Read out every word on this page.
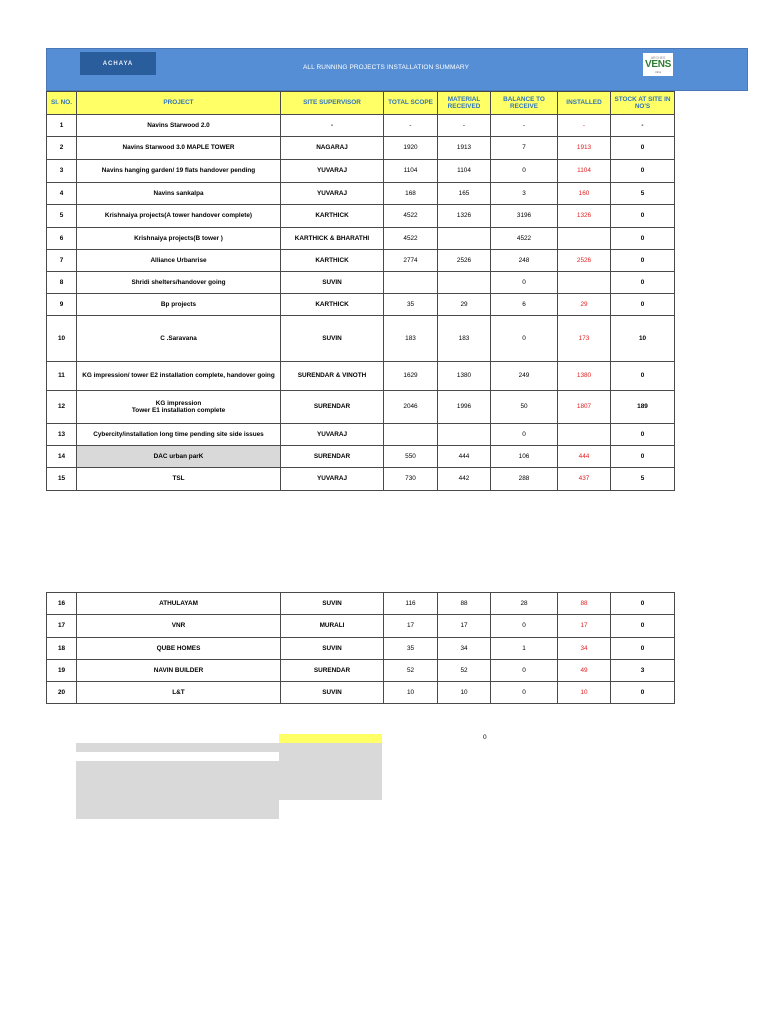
ACHAYA
ALL RUNNING PROJECTS INSTALLATION SUMMARY
ARCHES
VENS
infra
Sl. NO.	PROJECT	SITE SUPERVISOR	TOTAL SCOPE	MATERIAL RECEIVED	BALANCE TO RECEIVE	INSTALLED	STOCK AT SITE IN NO'S
1	Navins Starwood 2.0	-	-	-	-	-	-
2	Navins Starwood 3.0 MAPLE TOWER	NAGARAJ	1920	1913	7	1913	0
3	Navins hanging garden/ 19 flats handover pending	YUVARAJ	1104	1104	0	1104	0
4	Navins sankalpa	YUVARAJ	168	165	3	160	5
5	Krishnaiya projects(A tower handover complete)	KARTHICK	4522	1326	3196	1326	0
6	Krishnaiya projects(B tower )	KARTHICK & BHARATHI	4522		4522		0
7	Alliance Urbanrise	KARTHICK	2774	2526	248	2526	0
8	Shridi shelters/handover going	SUVIN			0		0
9	Bp projects	KARTHICK	35	29	6	29	0
10	C .Saravana	SUVIN	183	183	0	173	10
11	KG impression/ tower E2 installation complete, handover going	SURENDAR & VINOTH	1629	1380	249	1380	0
12	KG impression
Tower E1 installation complete	SURENDAR	2046	1996	50	1807	189
13	Cybercity/installation long time pending site side issues	YUVARAJ			0		0
14	DAC urban parK	SURENDAR	550	444	106	444	0
15	TSL	YUVARAJ	730	442	288	437	5
16	ATHULAYAM	SUVIN	116	88	28	88	0
17	VNR	MURALI	17	17	0	17	0
18	QUBE HOMES	SUVIN	35	34	1	34	0
19	NAVIN BUILDER	SURENDAR	52	52	0	49	3
20	L&T	SUVIN	10	10	0	10	0
0
